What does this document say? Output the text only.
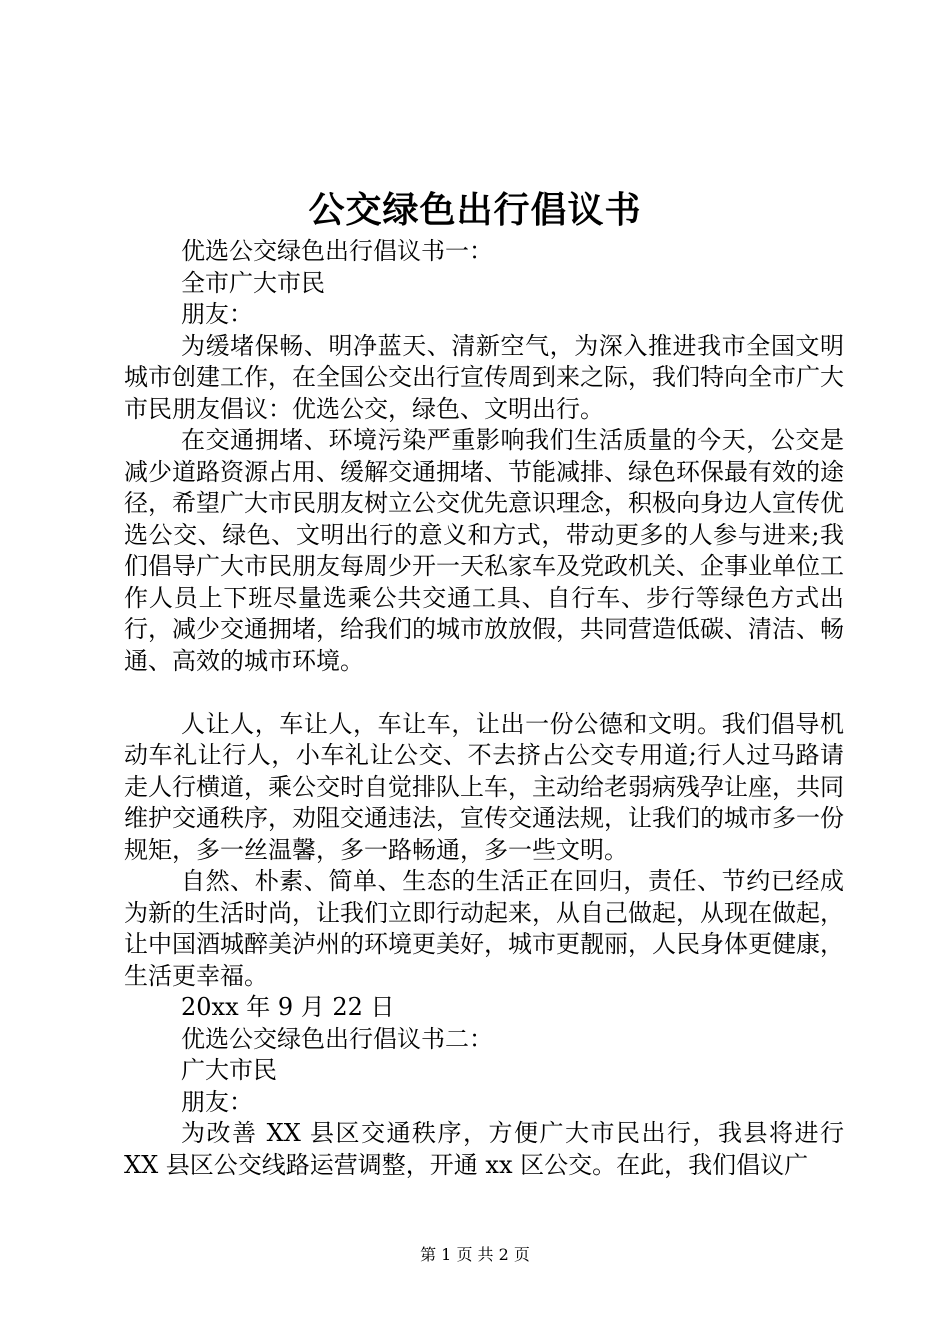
公交绿色出行倡议书

优选公交绿色出行倡议书一：

全市广大市民

朋友：

为缓堵保畅、明净蓝天、清新空气，为深入推进我市全国文明城市创建工作，在全国公交出行宣传周到来之际，我们特向全市广大市民朋友倡议：优选公交，绿色、文明出行。

在交通拥堵、环境污染严重影响我们生活质量的今天，公交是减少道路资源占用、缓解交通拥堵、节能减排、绿色环保最有效的途径，希望广大市民朋友树立公交优先意识理念，积极向身边人宣传优选公交、绿色、文明出行的意义和方式，带动更多的人参与进来;我们倡导广大市民朋友每周少开一天私家车及党政机关、企事业单位工作人员上下班尽量选乘公共交通工具、自行车、步行等绿色方式出行，减少交通拥堵，给我们的城市放放假，共同营造低碳、清洁、畅通、高效的城市环境。

人让人，车让人，车让车，让出一份公德和文明。我们倡导机动车礼让行人，小车礼让公交、不去挤占公交专用道;行人过马路请走人行横道，乘公交时自觉排队上车，主动给老弱病残孕让座，共同维护交通秩序，劝阻交通违法，宣传交通法规，让我们的城市多一份规矩，多一丝温馨，多一路畅通，多一些文明。

自然、朴素、简单、生态的生活正在回归，责任、节约已经成为新的生活时尚，让我们立即行动起来，从自己做起，从现在做起，让中国酒城醉美泸州的环境更美好，城市更靓丽，人民身体更健康，生活更幸福。

20xx 年 9 月 22 日

优选公交绿色出行倡议书二：

广大市民

朋友：

为改善 XX 县区交通秩序，方便广大市民出行，我县将进行 XX 县区公交线路运营调整，开通 xx 区公交。在此，我们倡议广

第 1 页 共 2 页
